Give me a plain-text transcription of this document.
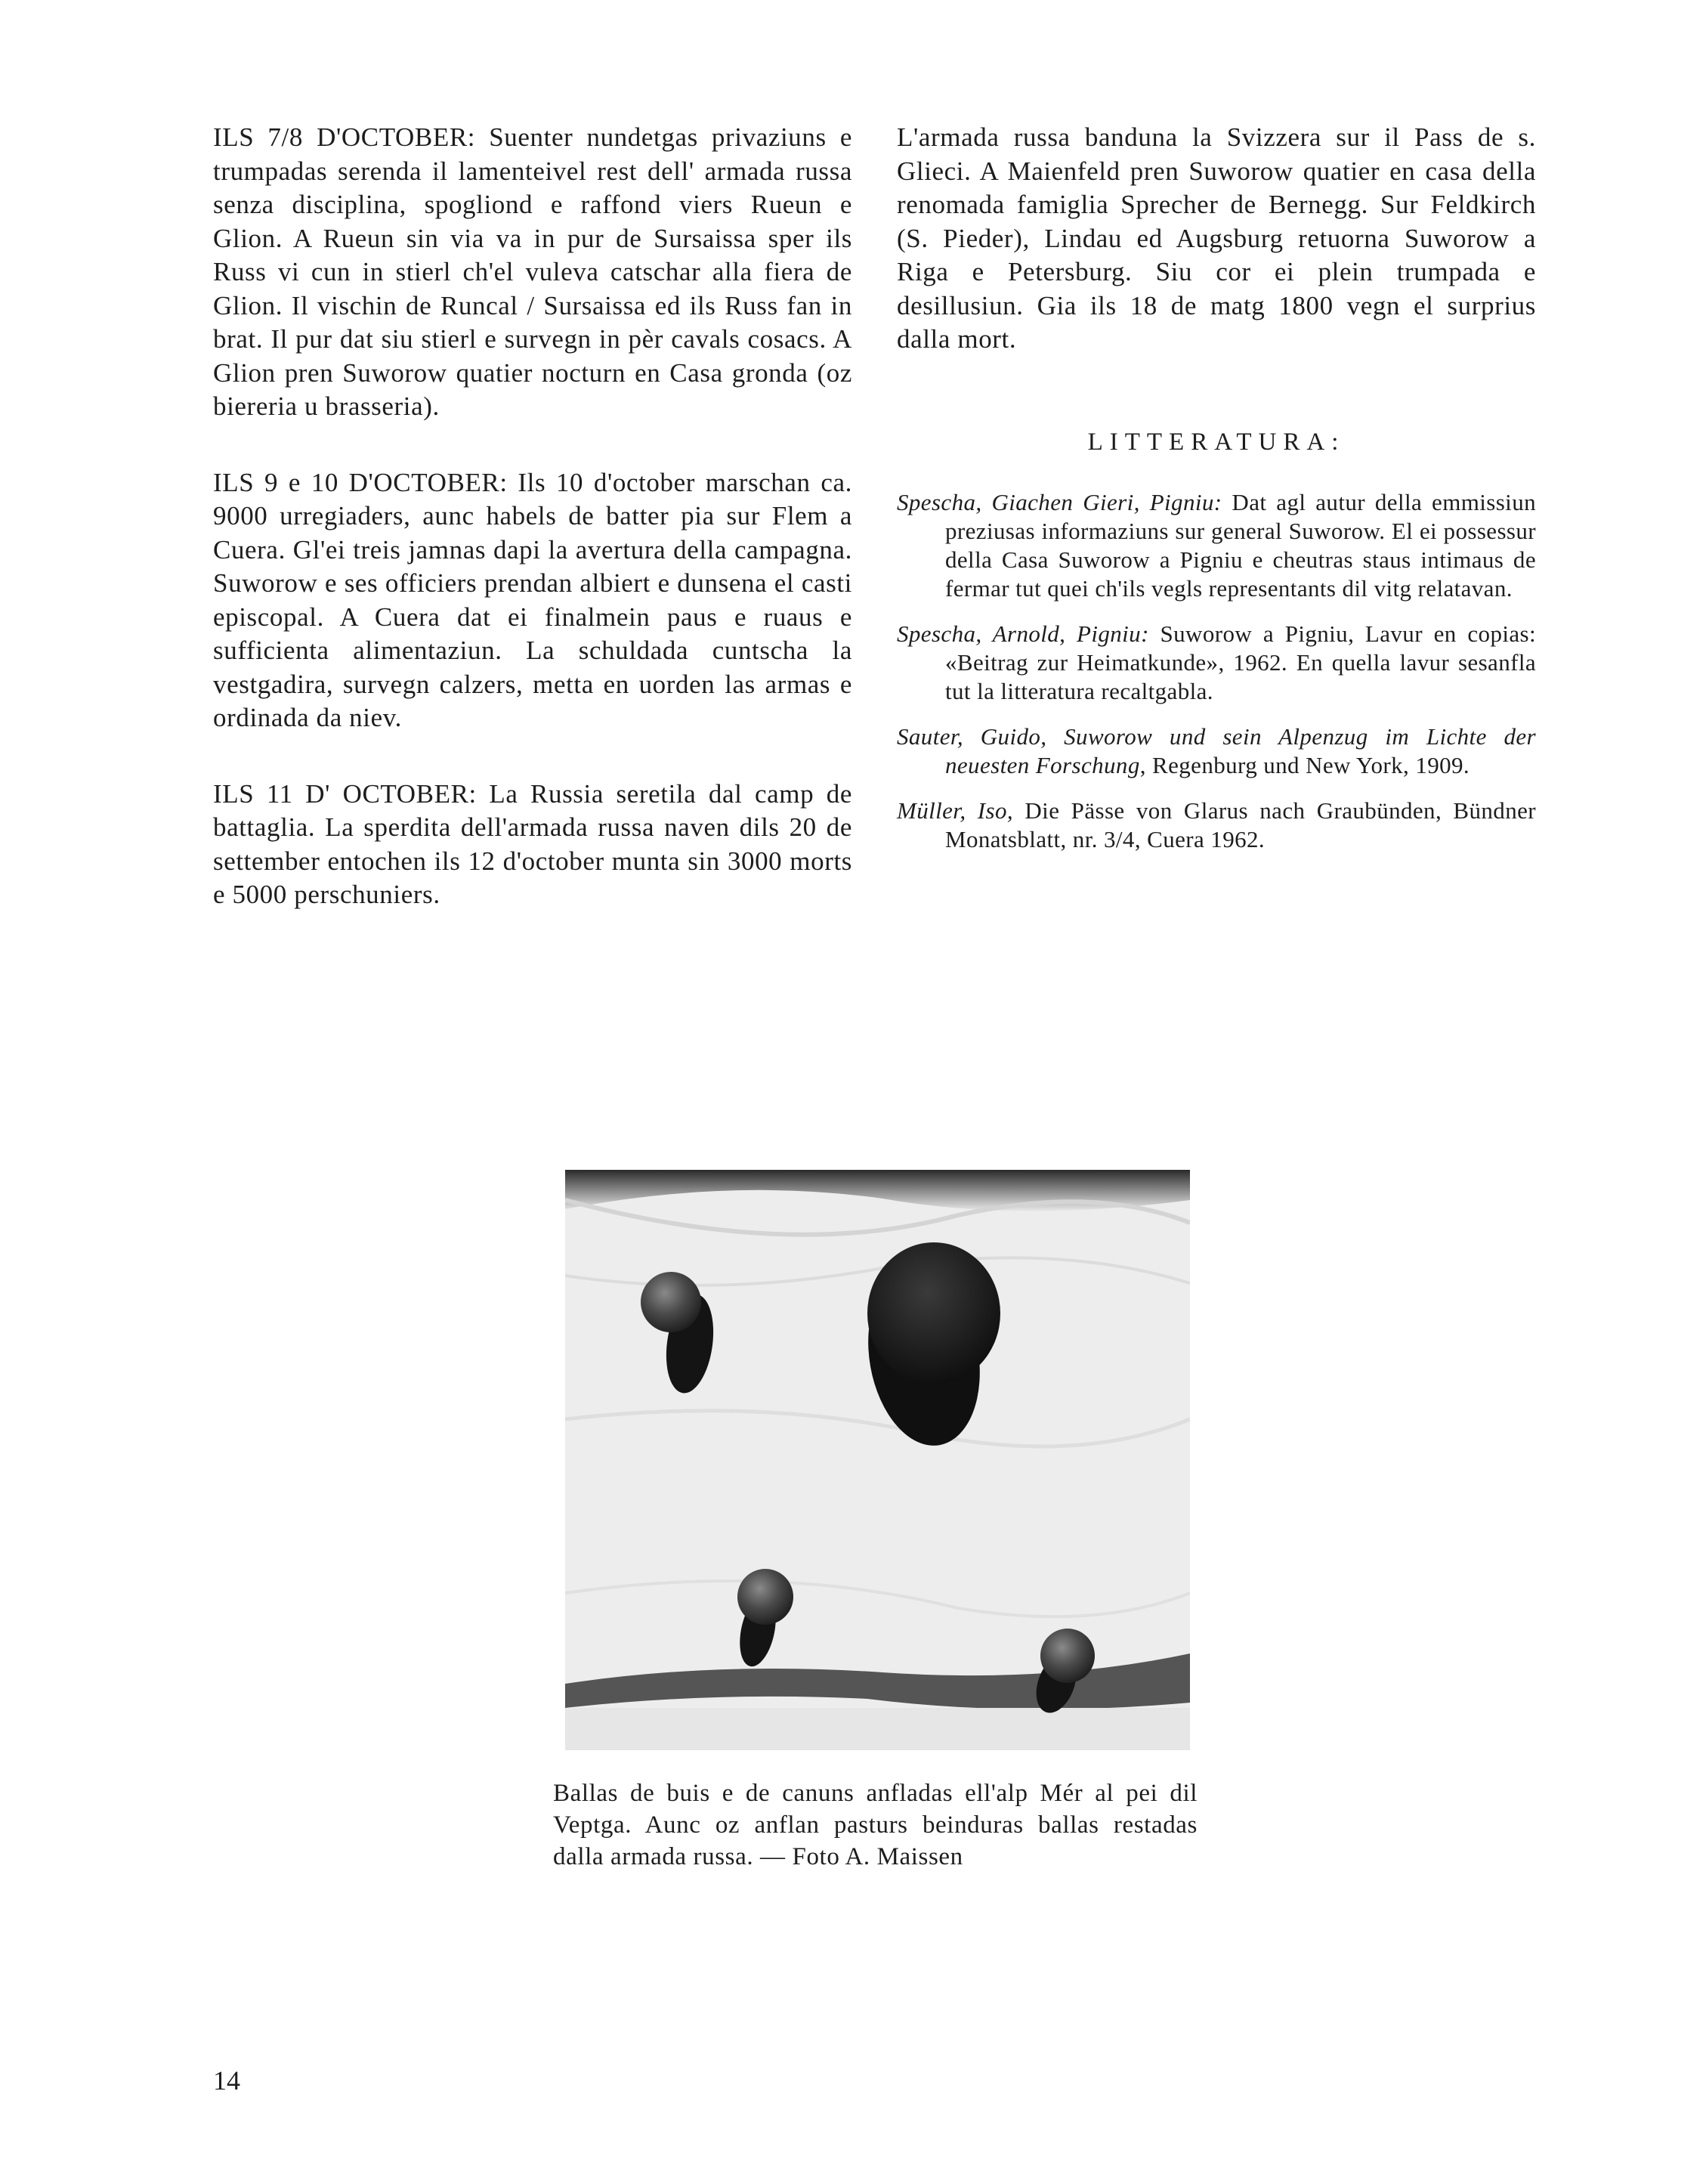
ILS 7/8 D'OCTOBER: Suenter nundetgas privaziuns e trumpadas serenda il lamenteivel rest dell' armada russa senza disciplina, spogliond e raffond viers Rueun e Glion. A Rueun sin via va in pur de Sursaissa sper ils Russ vi cun in stierl ch'el vuleva catschar alla fiera de Glion. Il vischin de Runcal / Sursaissa ed ils Russ fan in brat. Il pur dat siu stierl e survegn in pèr cavals cosacs. A Glion pren Suworow quatier nocturn en Casa gronda (oz biereria u brasseria).

ILS 9 e 10 D'OCTOBER: Ils 10 d'october marschan ca. 9000 urregiaders, aunc habels de batter pia sur Flem a Cuera. Gl'ei treis jamnas dapi la avertura della campagna. Suworow e ses officiers prendan albiert e dunsena el casti episcopal. A Cuera dat ei finalmein paus e ruaus e sufficienta alimentaziun. La schuldada cuntscha la vestgadira, survegn calzers, metta en uorden las armas e ordinada da niev.

ILS 11 D' OCTOBER: La Russia seretila dal camp de battaglia. La sperdita dell'armada russa naven dils 20 de settember entochen ils 12 d'october munta sin 3000 morts e 5000 perschuniers.

L'armada russa banduna la Svizzera sur il Pass de s. Glieci. A Maienfeld pren Suworow quatier en casa della renomada famiglia Sprecher de Bernegg. Sur Feldkirch (S. Pieder), Lindau ed Augsburg retuorna Suworow a Riga e Petersburg. Siu cor ei plein trumpada e desillusiun. Gia ils 18 de matg 1800 vegn el surprius dalla mort.

LITTERATURA:

Spescha, Giachen Gieri, Pigniu: Dat agl autur della emmissiun preziusas informaziuns sur general Suworow. El ei possessur della Casa Suworow a Pigniu e cheutras staus intimaus de fermar tut quei ch'ils vegls representants dil vitg relatavan.

Spescha, Arnold, Pigniu: Suworow a Pigniu, Lavur en copias: «Beitrag zur Heimatkunde», 1962. En quella lavur sesanfla tut la litteratura recaltgabla.

Sauter, Guido, Suworow und sein Alpenzug im Lichte der neuesten Forschung, Regenburg und New York, 1909.

Müller, Iso, Die Pässe von Glarus nach Graubünden, Bündner Monatsblatt, nr. 3/4, Cuera 1962.

Ballas de buis e de canuns anfladas ell'alp Mér al pei dil Veptga. Aunc oz anflan pasturs beinduras ballas restadas dalla armada russa. — Foto A. Maissen
14
